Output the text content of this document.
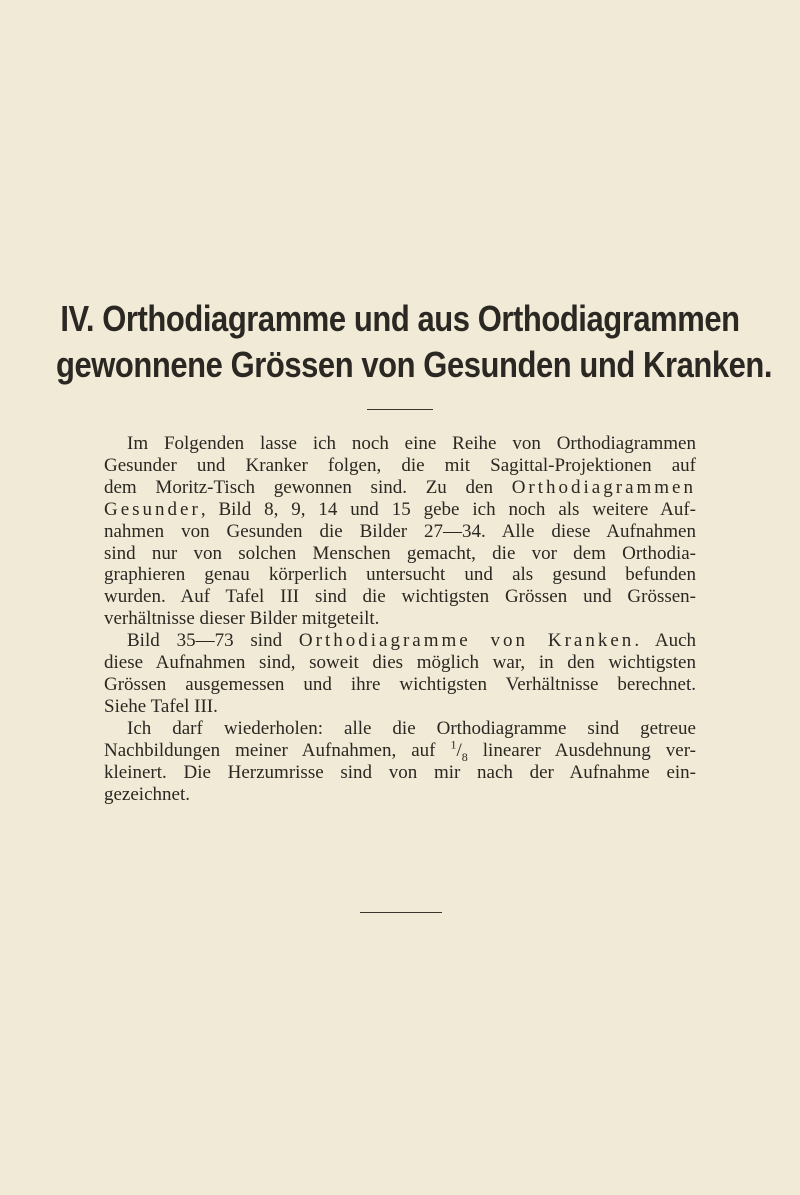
IV. Orthodiagramme und aus Orthodiagrammen
gewonnene Grössen von Gesunden und Kranken.
Im Folgenden lasse ich noch eine Reihe von Orthodiagrammen
Gesunder und Kranker folgen, die mit Sagittal-Projektionen auf
dem Moritz-Tisch gewonnen sind. Zu den Orthodiagrammen
Gesunder, Bild 8, 9, 14 und 15 gebe ich noch als weitere Auf-
nahmen von Gesunden die Bilder 27—34. Alle diese Aufnahmen
sind nur von solchen Menschen gemacht, die vor dem Orthodia-
graphieren genau körperlich untersucht und als gesund befunden
wurden. Auf Tafel III sind die wichtigsten Grössen und Grössen-
verhältnisse dieser Bilder mitgeteilt.
Bild 35—73 sind Orthodiagramme von Kranken. Auch
diese Aufnahmen sind, soweit dies möglich war, in den wichtigsten
Grössen ausgemessen und ihre wichtigsten Verhältnisse berechnet.
Siehe Tafel III.
Ich darf wiederholen: alle die Orthodiagramme sind getreue
Nachbildungen meiner Aufnahmen, auf $^1/_8$ linearer Ausdehnung ver-
kleinert. Die Herzumrisse sind von mir nach der Aufnahme ein-
gezeichnet.
